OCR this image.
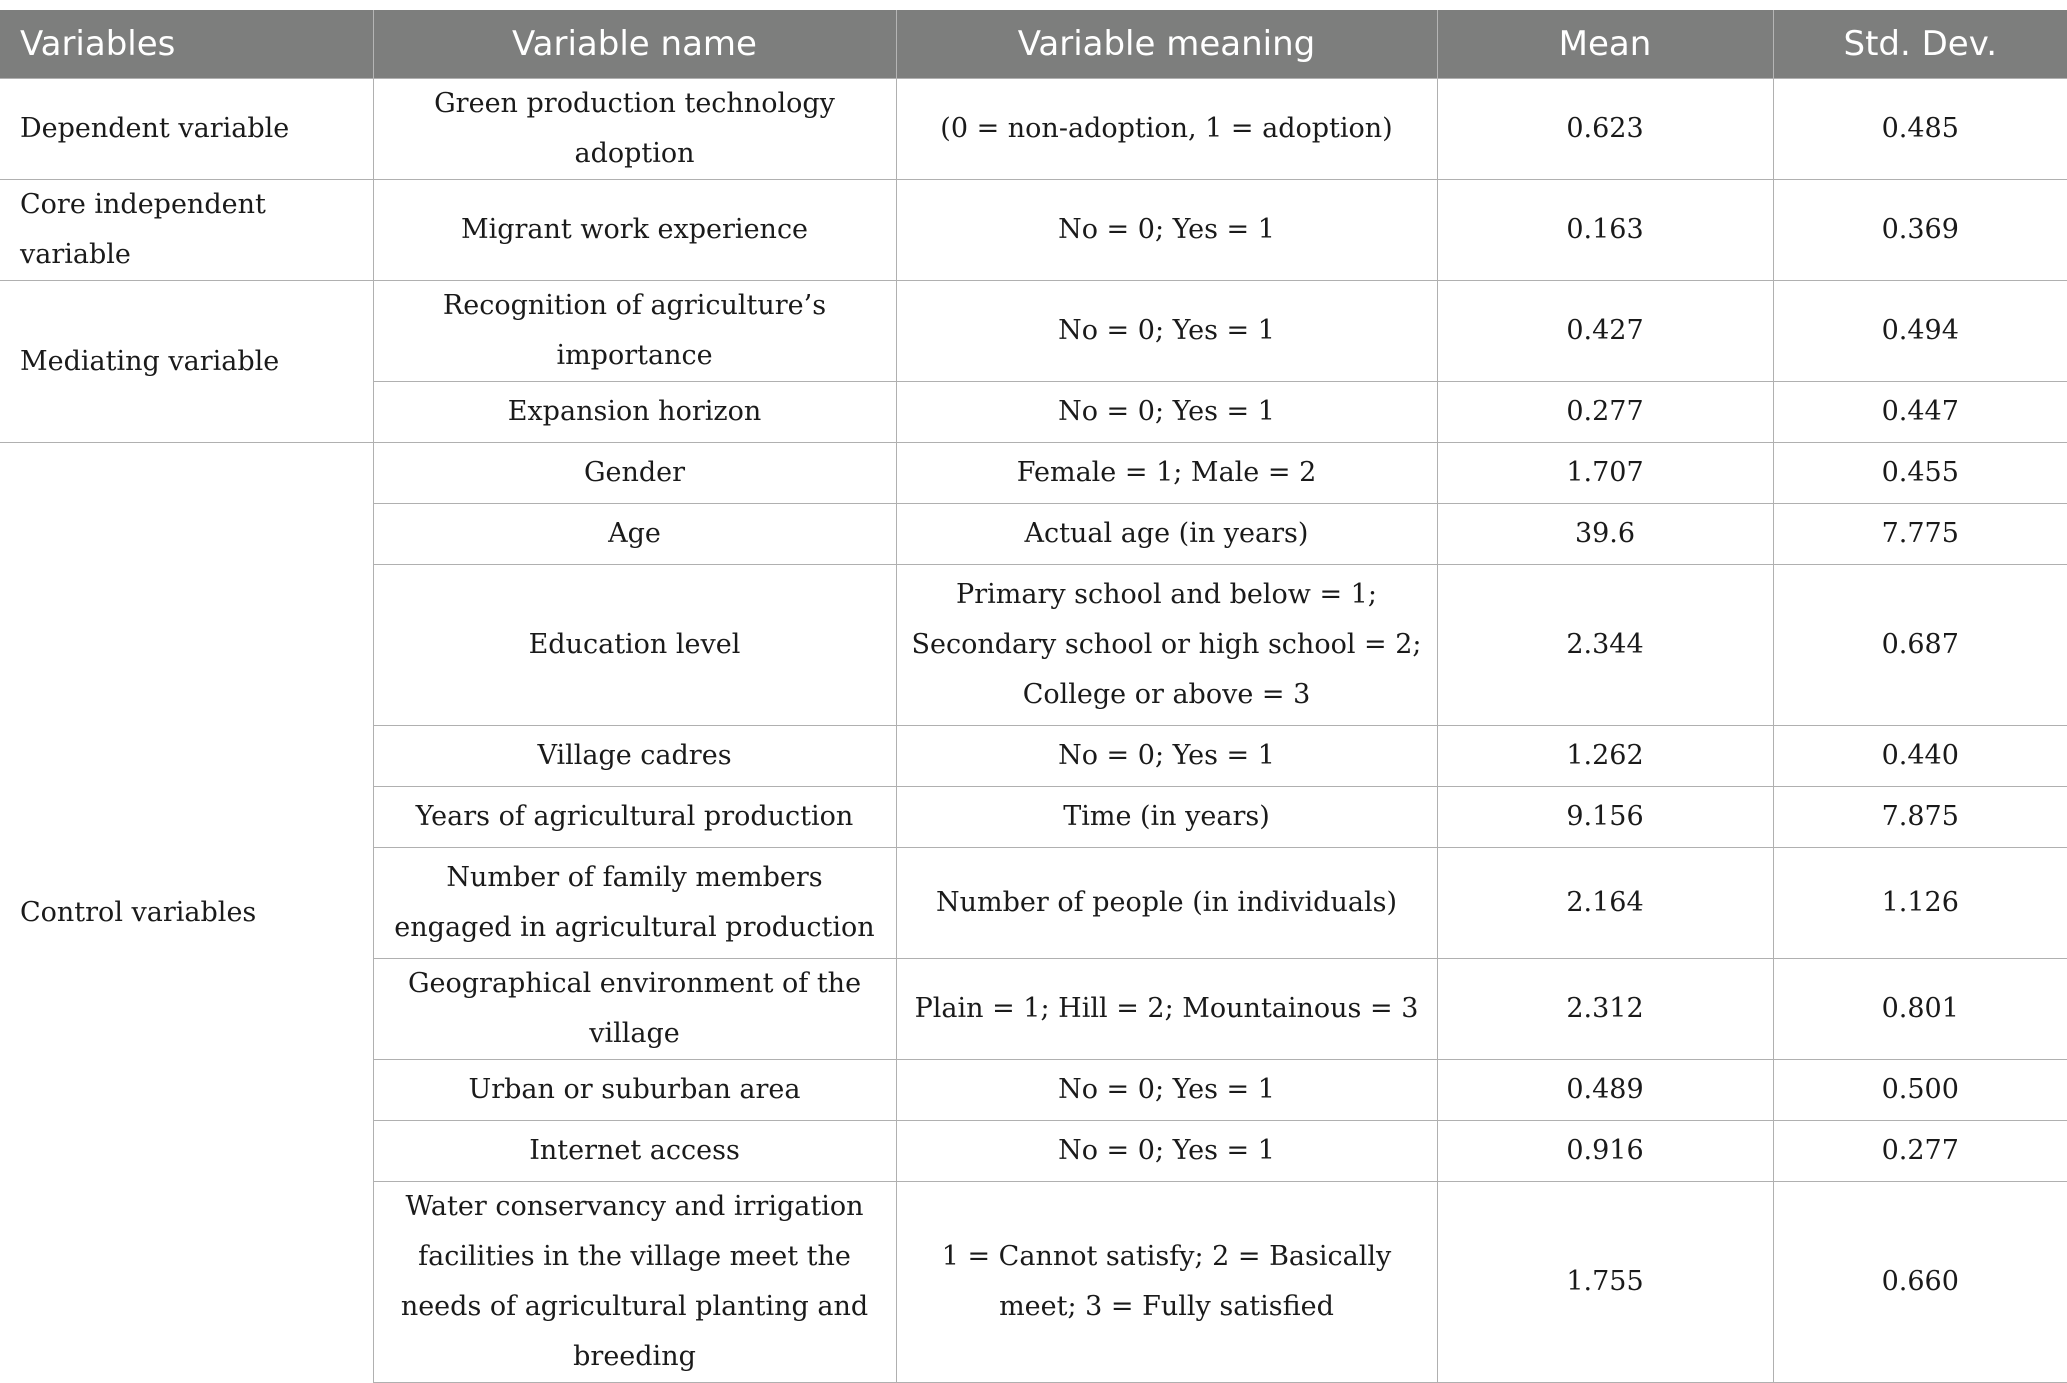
Variables	Variable name	Variable meaning	Mean	Std. Dev.
Dependent variable	Green production technology adoption	(0 = non-adoption, 1 = adoption)	0.623	0.485
Core independent variable	Migrant work experience	No = 0; Yes = 1	0.163	0.369
Mediating variable	Recognition of agriculture’s importance	No = 0; Yes = 1	0.427	0.494
	Expansion horizon	No = 0; Yes = 1	0.277	0.447
Control variables	Gender	Female = 1; Male = 2	1.707	0.455
	Age	Actual age (in years)	39.6	7.775
	Education level	Primary school and below = 1; Secondary school or high school = 2; College or above = 3	2.344	0.687
	Village cadres	No = 0; Yes = 1	1.262	0.440
	Years of agricultural production	Time (in years)	9.156	7.875
	Number of family members engaged in agricultural production	Number of people (in individuals)	2.164	1.126
	Geographical environment of the village	Plain = 1; Hill = 2; Mountainous = 3	2.312	0.801
	Urban or suburban area	No = 0; Yes = 1	0.489	0.500
	Internet access	No = 0; Yes = 1	0.916	0.277
	Water conservancy and irrigation facilities in the village meet the needs of agricultural planting and breeding	1 = Cannot satisfy; 2 = Basically meet; 3 = Fully satisfied	1.755	0.660
